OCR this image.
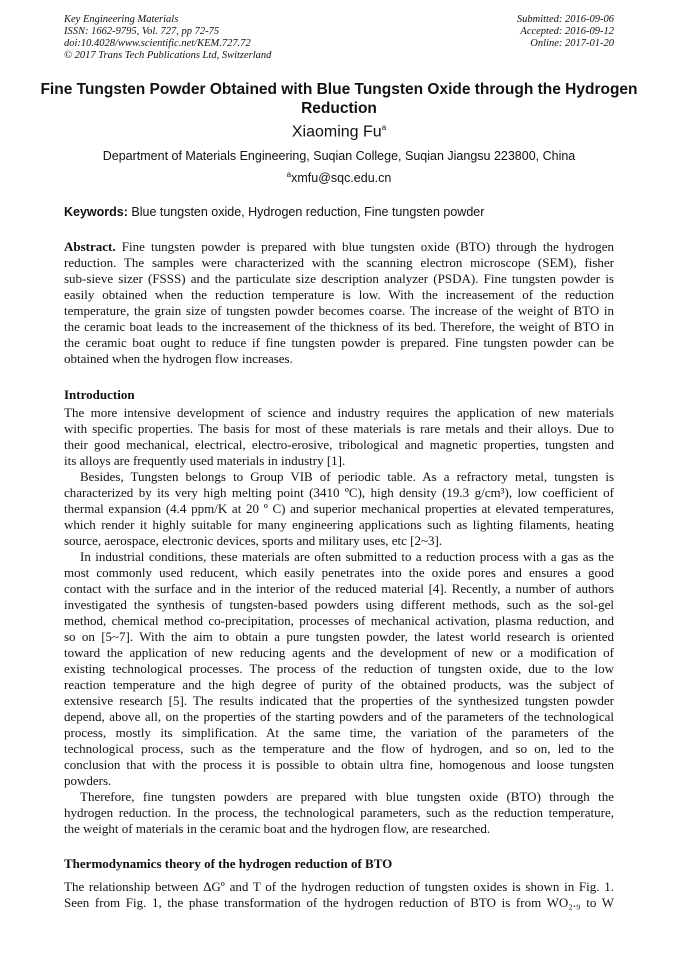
Key Engineering Materials
ISSN: 1662-9795, Vol. 727, pp 72-75
doi:10.4028/www.scientific.net/KEM.727.72
© 2017 Trans Tech Publications Ltd, Switzerland
Submitted: 2016-09-06
Accepted: 2016-09-12
Online: 2017-01-20
Fine Tungsten Powder Obtained with Blue Tungsten Oxide through the Hydrogen Reduction
Xiaoming Fu$^a$
Department of Materials Engineering, Suqian College, Suqian Jiangsu 223800, China
$^a$xmfu@sqc.edu.cn
Keywords: Blue tungsten oxide, Hydrogen reduction, Fine tungsten powder
Abstract. Fine tungsten powder is prepared with blue tungsten oxide (BTO) through the hydrogen
reduction. The samples were characterized with the scanning electron microscope (SEM), fisher
sub-sieve sizer (FSSS) and the particulate size description analyzer (PSDA). Fine tungsten powder is
easily obtained when the reduction temperature is low. With the increasement of the reduction
temperature, the grain size of tungsten powder becomes coarse. The increase of the weight of BTO in
the ceramic boat leads to the increasement of the thickness of its bed. Therefore, the weight of BTO in
the ceramic boat ought to reduce if fine tungsten powder is prepared. Fine tungsten powder can be
obtained when the hydrogen flow increases.
Introduction
The more intensive development of science and industry requires the application of new materials
with specific properties. The basis for most of these materials is rare metals and their alloys. Due to
their good mechanical, electrical, electro-erosive, tribological and magnetic properties, tungsten and
its alloys are frequently used materials in industry [1].
Besides, Tungsten belongs to Group VIB of periodic table. As a refractory metal, tungsten is
characterized by its very high melting point (3410 ºC), high density (19.3 g/cm³), low coefficient of
thermal expansion (4.4 ppm/K at 20 º C) and superior mechanical properties at elevated temperatures,
which render it highly suitable for many engineering applications such as lighting filaments, heating
source, aerospace, electronic devices, sports and military uses, etc [2~3].
In industrial conditions, these materials are often submitted to a reduction process with a gas as the
most commonly used reducent, which easily penetrates into the oxide pores and ensures a good
contact with the surface and in the interior of the reduced material [4]. Recently, a number of authors
investigated the synthesis of tungsten-based powders using different methods, such as the sol-gel
method, chemical method co-precipitation, processes of mechanical activation, plasma reduction, and
so on [5~7]. With the aim to obtain a pure tungsten powder, the latest world research is oriented
toward the application of new reducing agents and the development of new or a modification of
existing technological processes. The process of the reduction of tungsten oxide, due to the low
reaction temperature and the high degree of purity of the obtained products, was the subject of
extensive research [5]. The results indicated that the properties of the synthesized tungsten powder
depend, above all, on the properties of the starting powders and of the parameters of the technological
process, mostly its simplification. At the same time, the variation of the parameters of the
technological process, such as the temperature and the flow of hydrogen, and so on, led to the
conclusion that with the process it is possible to obtain ultra fine, homogenous and loose tungsten
powders.
Therefore, fine tungsten powders are prepared with blue tungsten oxide (BTO) through the
hydrogen reduction. In the process, the technological parameters, such as the reduction temperature,
the weight of materials in the ceramic boat and the hydrogen flow, are researched.
Thermodynamics theory of the hydrogen reduction of BTO
The relationship between ΔGº and T of the hydrogen reduction of tungsten oxides is shown in Fig. 1.
Seen from Fig. 1, the phase transformation of the hydrogen reduction of BTO is from WO₂.₉ to W
